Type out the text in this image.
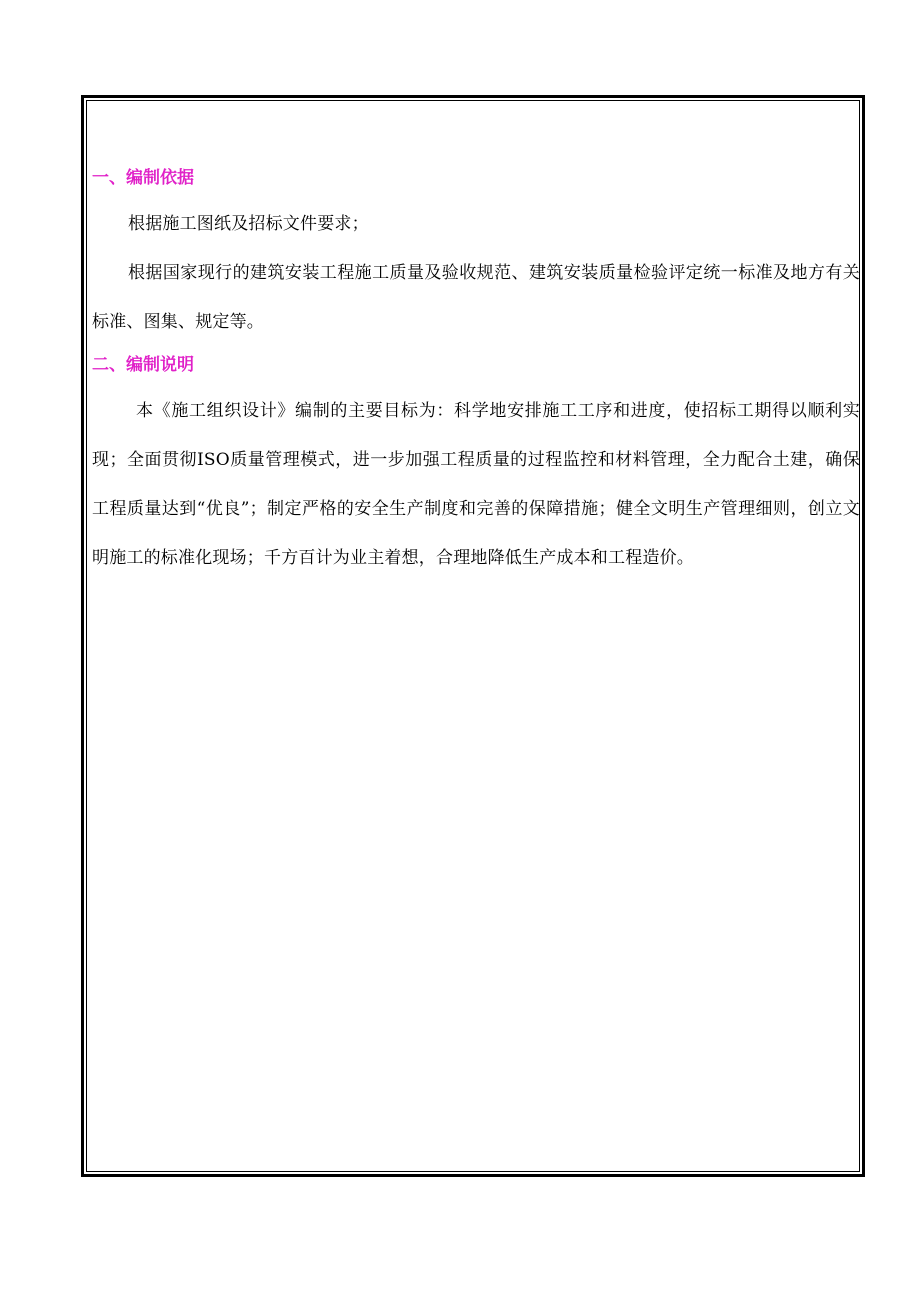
一、编制依据

根据施工图纸及招标文件要求；

根据国家现行的建筑安装工程施工质量及验收规范、建筑安装质量检验评定统一标准及地方有关标准、图集、规定等。

二、编制说明

本《施工组织设计》编制的主要目标为：科学地安排施工工序和进度，使招标工期得以顺利实现；全面贯彻ISO质量管理模式，进一步加强工程质量的过程监控和材料管理，全力配合土建，确保工程质量达到“优良”；制定严格的安全生产制度和完善的保障措施；健全文明生产管理细则，创立文明施工的标准化现场；千方百计为业主着想，合理地降低生产成本和工程造价。
